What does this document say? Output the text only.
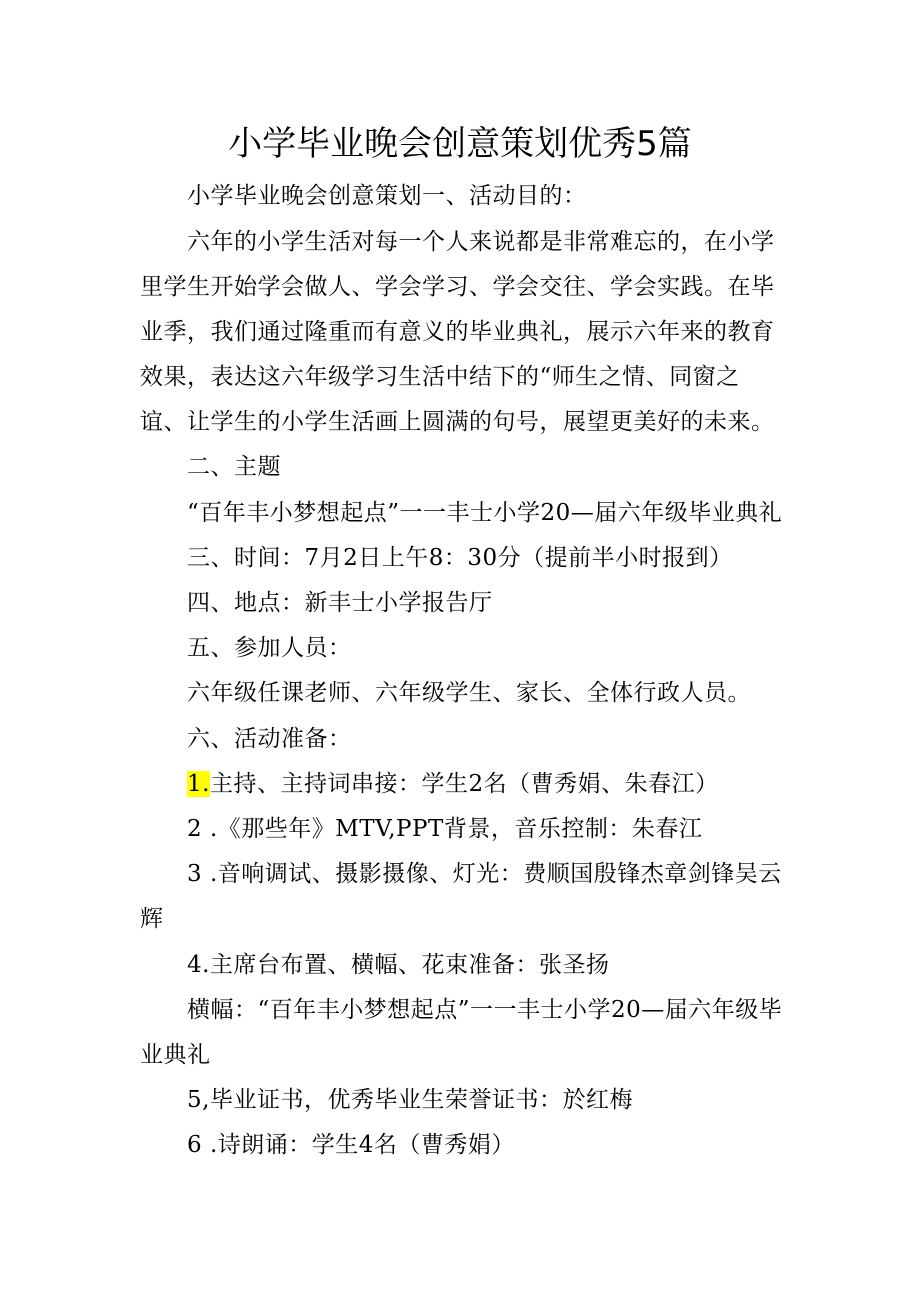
小学毕业晚会创意策划优秀5篇
小学毕业晚会创意策划一、活动目的：
六年的小学生活对每一个人来说都是非常难忘的，在小学
里学生开始学会做人、学会学习、学会交往、学会实践。在毕
业季，我们通过隆重而有意义的毕业典礼，展示六年来的教育
效果，表达这六年级学习生活中结下的“师生之情、同窗之
谊、让学生的小学生活画上圆满的句号，展望更美好的未来。
二、主题
“百年丰小梦想起点”一一丰士小学20—届六年级毕业典礼
三、时间：7月2日上午8：30分（提前半小时报到）
四、地点：新丰士小学报告厅
五、参加人员：
六年级任课老师、六年级学生、家长、全体行政人员。
六、活动准备：
1.主持、主持词串接：学生2名（曹秀娟、朱春江）
2 .《那些年》MTV,PPT背景，音乐控制：朱春江
3 .音响调试、摄影摄像、灯光：费顺国殷锋杰章剑锋吴云
辉
4.主席台布置、横幅、花束准备：张圣扬
横幅：“百年丰小梦想起点”一一丰士小学20—届六年级毕
业典礼
5,毕业证书，优秀毕业生荣誉证书：於红梅
6 .诗朗诵：学生4名（曹秀娟）
